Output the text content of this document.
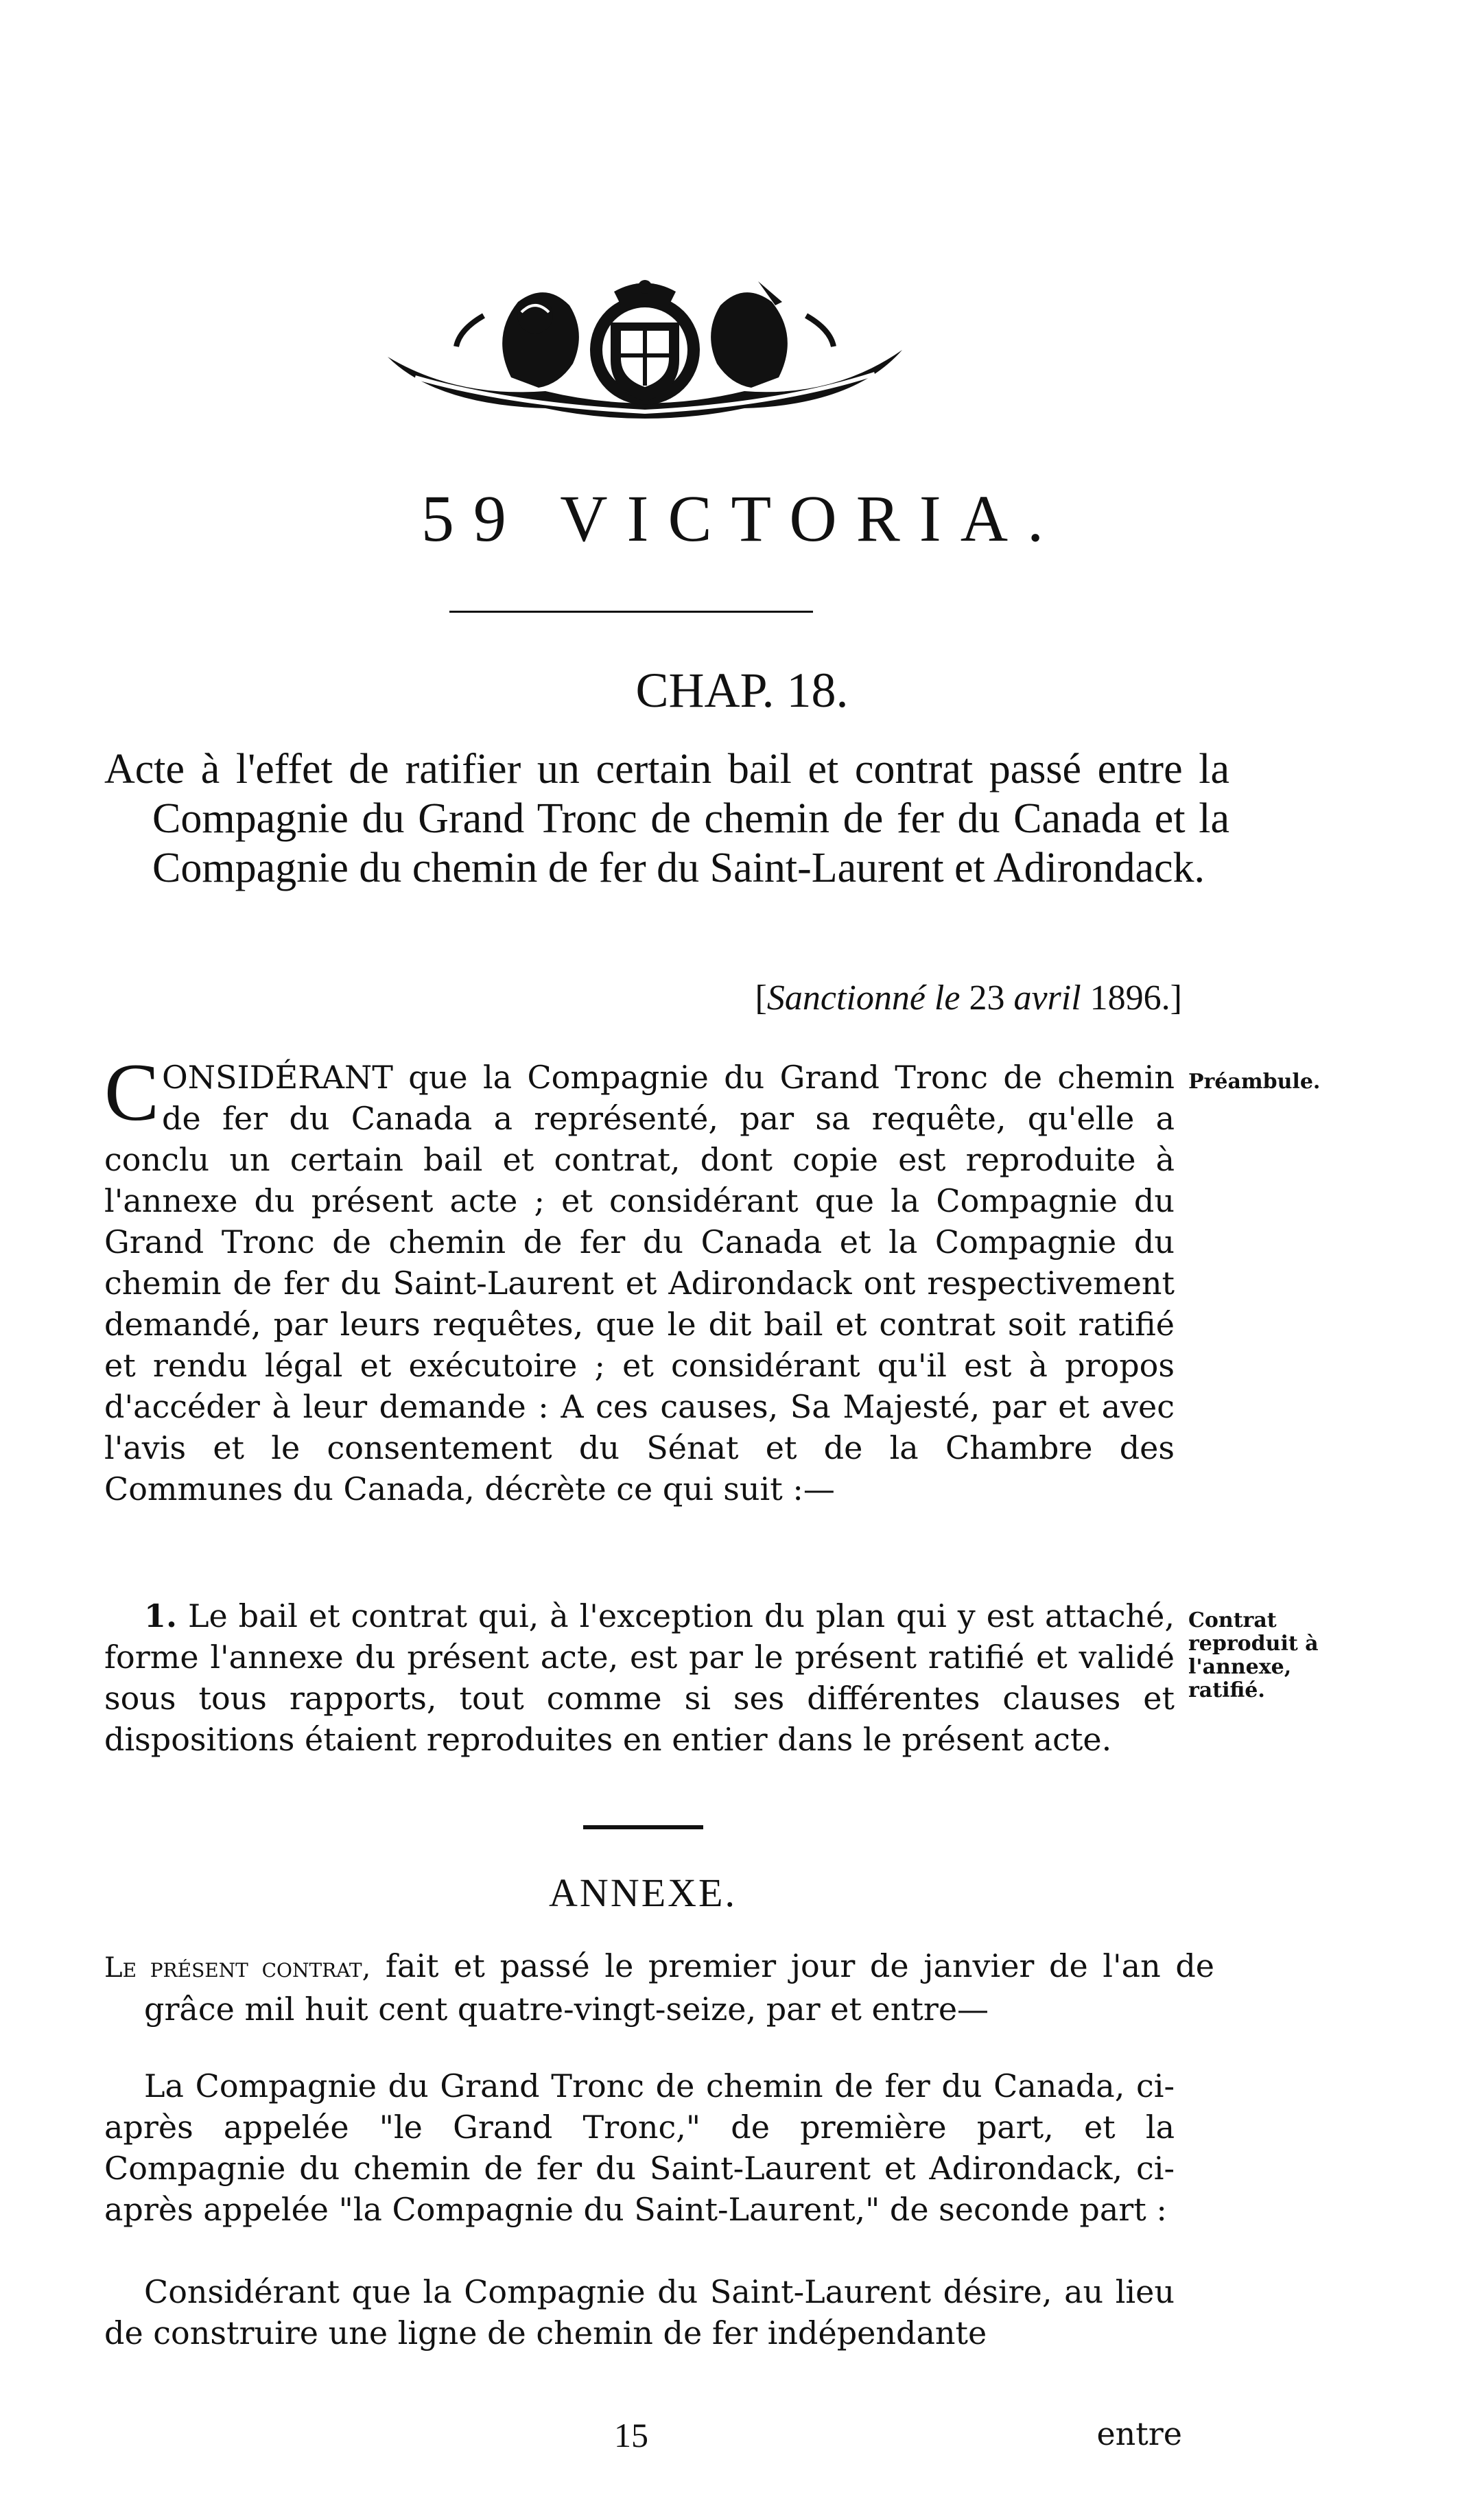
59 VICTORIA.
CHAP. 18.
Acte à l'effet de ratifier un certain bail et contrat passé entre la Compagnie du Grand Tronc de chemin de fer du Canada et la Compagnie du chemin de fer du Saint-Laurent et Adirondack.
[Sanctionné le 23 avril 1896.]
CONSIDÉRANT que la Compagnie du Grand Tronc de chemin de fer du Canada a représenté, par sa requête, qu'elle a conclu un certain bail et contrat, dont copie est reproduite à l'annexe du présent acte ; et considérant que la Compagnie du Grand Tronc de chemin de fer du Canada et la Compagnie du chemin de fer du Saint-Laurent et Adirondack ont respectivement demandé, par leurs requêtes, que le dit bail et contrat soit ratifié et rendu légal et exécutoire ; et considérant qu'il est à propos d'accéder à leur demande : A ces causes, Sa Majesté, par et avec l'avis et le consentement du Sénat et de la Chambre des Communes du Canada, décrète ce qui suit :—
Préambule.
1. Le bail et contrat qui, à l'exception du plan qui y est attaché, forme l'annexe du présent acte, est par le présent ratifié et validé sous tous rapports, tout comme si ses différentes clauses et dispositions étaient reproduites en entier dans le présent acte.
Contrat reproduit à l'annexe, ratifié.
ANNEXE.
Le présent contrat, fait et passé le premier jour de janvier de l'an de grâce mil huit cent quatre-vingt-seize, par et entre—
La Compagnie du Grand Tronc de chemin de fer du Canada, ci-après appelée "le Grand Tronc," de première part, et la Compagnie du chemin de fer du Saint-Laurent et Adirondack, ci-après appelée "la Compagnie du Saint-Laurent," de seconde part :
Considérant que la Compagnie du Saint-Laurent désire, au lieu de construire une ligne de chemin de fer indépendante
15	entre
